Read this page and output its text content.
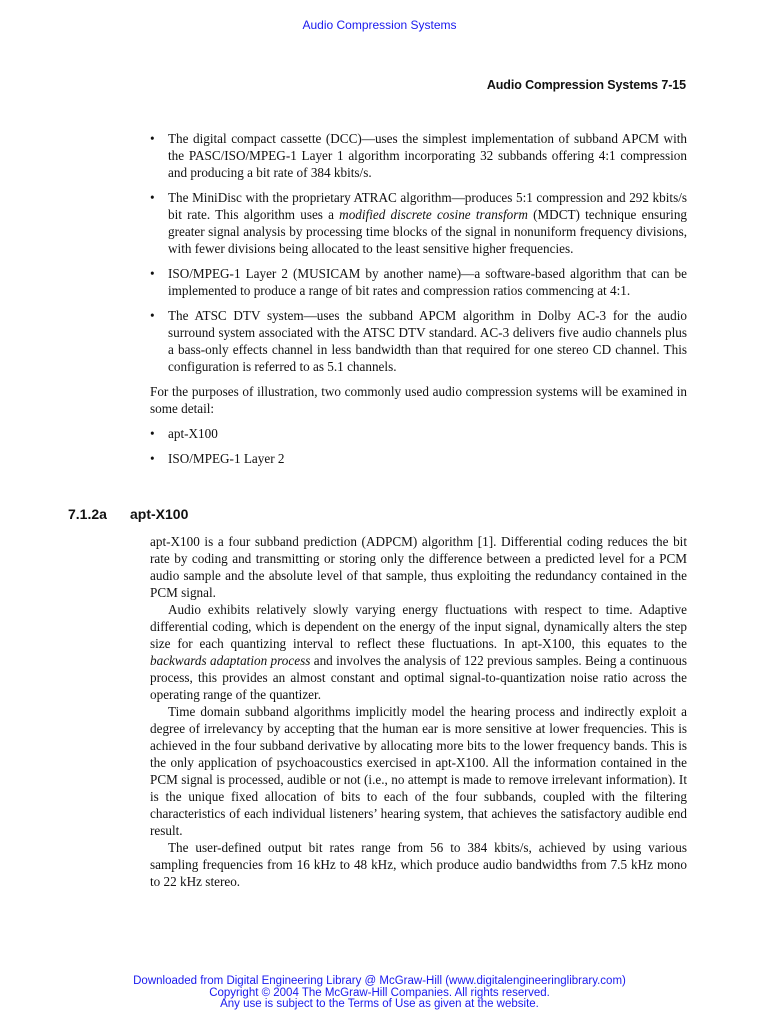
Audio Compression Systems
Audio Compression Systems 7-15
• The digital compact cassette (DCC)—uses the simplest implementation of subband APCM with the PASC/ISO/MPEG-1 Layer 1 algorithm incorporating 32 subbands offering 4:1 compression and producing a bit rate of 384 kbits/s.
• The MiniDisc with the proprietary ATRAC algorithm—produces 5:1 compression and 292 kbits/s bit rate. This algorithm uses a modified discrete cosine transform (MDCT) technique ensuring greater signal analysis by processing time blocks of the signal in nonuniform frequency divisions, with fewer divisions being allocated to the least sensitive higher frequencies.
• ISO/MPEG-1 Layer 2 (MUSICAM by another name)—a software-based algorithm that can be implemented to produce a range of bit rates and compression ratios commencing at 4:1.
• The ATSC DTV system—uses the subband APCM algorithm in Dolby AC-3 for the audio surround system associated with the ATSC DTV standard. AC-3 delivers five audio channels plus a bass-only effects channel in less bandwidth than that required for one stereo CD channel. This configuration is referred to as 5.1 channels.

For the purposes of illustration, two commonly used audio compression systems will be examined in some detail:

• apt-X100
• ISO/MPEG-1 Layer 2
7.1.2a apt-X100

apt-X100 is a four subband prediction (ADPCM) algorithm [1]. Differential coding reduces the bit rate by coding and transmitting or storing only the difference between a predicted level for a PCM audio sample and the absolute level of that sample, thus exploiting the redundancy contained in the PCM signal.

Audio exhibits relatively slowly varying energy fluctuations with respect to time. Adaptive differential coding, which is dependent on the energy of the input signal, dynamically alters the step size for each quantizing interval to reflect these fluctuations. In apt-X100, this equates to the backwards adaptation process and involves the analysis of 122 previous samples. Being a continuous process, this provides an almost constant and optimal signal-to-quantization noise ratio across the operating range of the quantizer.

Time domain subband algorithms implicitly model the hearing process and indirectly exploit a degree of irrelevancy by accepting that the human ear is more sensitive at lower frequencies. This is achieved in the four subband derivative by allocating more bits to the lower frequency bands. This is the only application of psychoacoustics exercised in apt-X100. All the information contained in the PCM signal is processed, audible or not (i.e., no attempt is made to remove irrelevant information). It is the unique fixed allocation of bits to each of the four subbands, coupled with the filtering characteristics of each individual listeners’ hearing system, that achieves the satisfactory audible end result.

The user-defined output bit rates range from 56 to 384 kbits/s, achieved by using various sampling frequencies from 16 kHz to 48 kHz, which produce audio bandwidths from 7.5 kHz mono to 22 kHz stereo.

Downloaded from Digital Engineering Library @ McGraw-Hill (www.digitalengineeringlibrary.com)
Copyright © 2004 The McGraw-Hill Companies. All rights reserved.
Any use is subject to the Terms of Use as given at the website.
